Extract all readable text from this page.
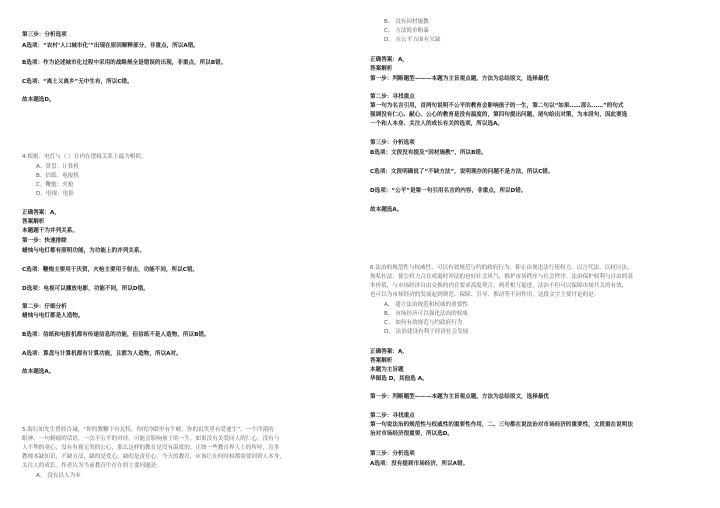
第三步：分析选项
A选项：“农村‘人口城市化’”出现在原因解释部分，非重点，所以A错。
B选项：作为论述城市化过程中采用的战略规全是错误的出现，非重点，所以B错。
C选项：“离土又离乡”无中生有，所以C错。
故本题选D。
4.根据：电灯与（ ）在内在逻辑关系上最为相似。
A、算盘：计算机
B、信纸：电报机
C、鞭炮：火枪
D、电视：电影
正确答案：A，
答案解析
本题题干为并列关系。
第一步：快速排除
蜡烛与电灯都有照明功能，为功能上的并列关系。
C选项：鞭炮主要用于庆贺，火枪主要用于射击，功能不同，所以C错。
D选项：电视可以播放电影，功能不同，所以D错。
第二步：仔细分析
蜡烛与电灯都是人造物。
B选项：信纸和电报机都有传递信息的功能，但信纸不是人造物，所以B错。
A选项：算盘与计算机都有计算功能，且都为人造物，所以A对。
故本题选A。
5.海行知先生曾经告诫，“你的教鞭下有瓦特，你的冷眼里有牛顿，你的讥笑里有爱迪生”。一个冷漠的
眼神、一句刺痛的话语，一次不公平的对待，可能会影响孩子的一生。如果没有关爱同人的仁心，没有与
人不埋的童心，没有有视无类的公心，那么这样的教育是没有温度的。正如一些教育界人士的所呼，育多
教师本缺知识，不缺方法，缺的是爱心，缺的是责任心。今天的教育，应该让在何时候都需要回到人本身，
关注人的成长。作者认为当前教育中存在的主要问题是：
A、 没有以人为本
B、 没有因材施教
C、 方法简单粗暴
D、 在公平方面有欠缺
正确答案：A，
答案解析
第一步：判断题型———本题为主旨观点题，方法为总结原文，选择最优
第二步：寻找重点
第一句为名言引用，首两句说明不公平的教育会影响孩子的一生，第二句以“如果……那么……”的句式
强调没有仁心、献心、公心的教育是没有温度的，第四句提出问题，尾句给出对策，为本段句，因此要选
一个和人本身、关注人的成长有关的选项，所以选A。
第三步：分析选项
B选项：文段没有提及“因材施教”，所以B错。
C选项：文段明确说了“不缺方法”，说明现存的问题不是方法，所以C错。
D选项：“公平”是第一句引用名言的内容，非重点，所以D错。
故本题选A。
6.法治的规范性与权威性，可以有效规范与约的政府行为，抑止由现违法行使权力、以言代法、以权压法、
徇私枉法，使公权力合在成遏时冲法的也好社会风气，推护市场秩序与社会秩序。法治保护权利与自由的基
本价值，与市场经济自由交换的内在要求高度契合。两者相互促进，法治不但可以保障市场共关的有效，
也可以为市场经济的发展起到规范、保障、引导、推动等不同作用，这段文字主要讨论的是：
A、 建立法治规范和权威的重要性
B、 市场经济可以强化法治的权威
C、 如何有效规范与约政府行为
D、 法治建设有利于经济社会发展
正确答案：A，
答案解析
本题为主旨题
华图选 D，其他选 A。
第一步：判断题型———本题为主旨观点题，方法为总结原文，选择最优
第二步：寻找重点
第一句说法治的规范性与权威性的重要性作用，二、三句都在说法治对市场经济的重要性，文段重在说明法
治对市场经济很重要，所以选D。
第三步：分析选项
A选项：没有提到市场经济，所以A错。
